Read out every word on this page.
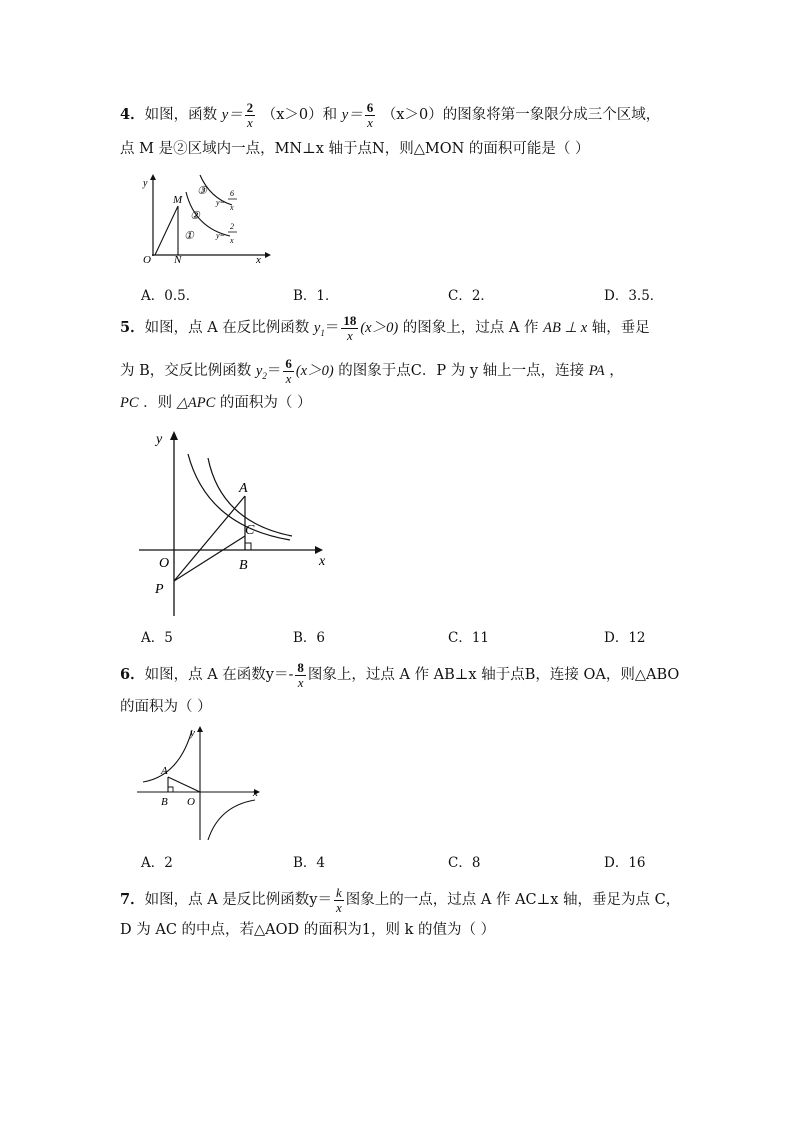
4．如图，函数 $y= \frac{2}{x} (x>0)$和 $y= \frac{6}{x} (x>0)$的图象将第一象限分成三个区域，
点 M 是②区域内一点，MN⊥x 轴于点N，则△MON 的面积可能是（ ）
y
O N	x
M
①
②
③
y=
6
x
y=
2
x
A．0.5．	B．1．	C．2．	D．3.5．
5．如图，点 A 在反比例函数 $y_1= \frac{18}{x} (x>0)$ 的图象上，过点 A 作 AB ⊥ x 轴，垂足
为 B，交反比例函数 $y_2= \frac{6}{x} (x>0)$ 的图象于点C．P 为 y 轴上一点，连接 PA ，
PC ．则 △APC 的面积为（ ）
y
x
O
A
C
B
P
A．5	B．6	C．11	D．12
6．如图，点 A 在函数$y=- \frac{8}{x}$ 图象上，过点 A 作 AB⊥x 轴于点B，连接 OA，则△ABO
的面积为（ ）
y
x
A
B O
A．2	B．4	C．8	D．16
7．如图，点 A 是反比例函数$y= \frac{k}{x}$ 图象上的一点，过点 A 作 AC⊥x 轴，垂足为点 C，
D 为 AC 的中点，若△AOD 的面积为1，则 k 的值为（ ）
